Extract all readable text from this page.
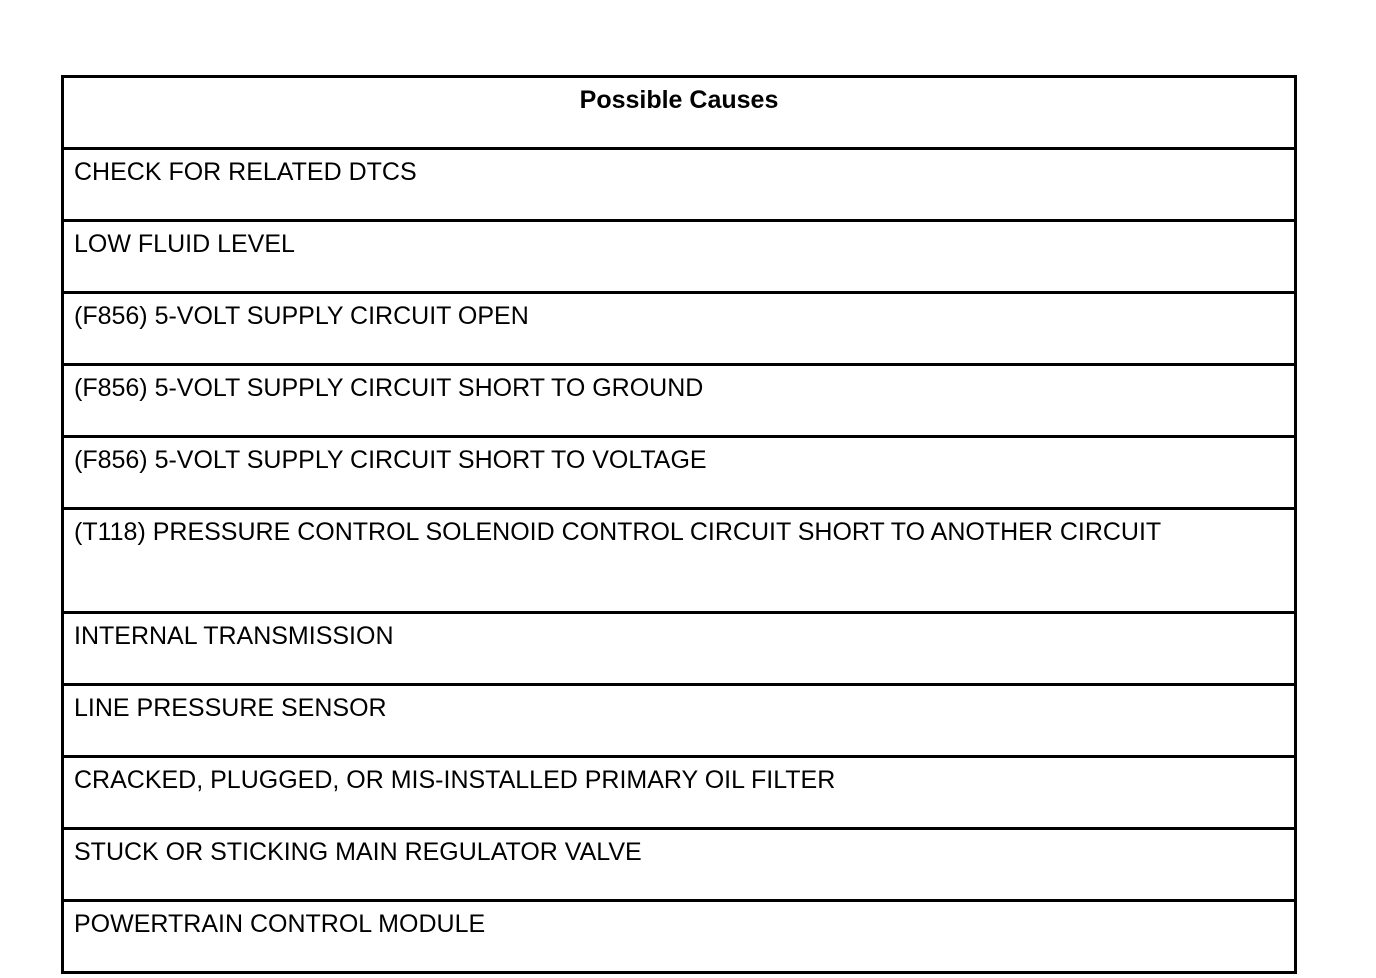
Possible Causes
CHECK FOR RELATED DTCS
LOW FLUID LEVEL
(F856) 5-VOLT SUPPLY CIRCUIT OPEN
(F856) 5-VOLT SUPPLY CIRCUIT SHORT TO GROUND
(F856) 5-VOLT SUPPLY CIRCUIT SHORT TO VOLTAGE
(T118) PRESSURE CONTROL SOLENOID CONTROL CIRCUIT SHORT TO ANOTHER CIRCUIT
INTERNAL TRANSMISSION
LINE PRESSURE SENSOR
CRACKED, PLUGGED, OR MIS-INSTALLED PRIMARY OIL FILTER
STUCK OR STICKING MAIN REGULATOR VALVE
POWERTRAIN CONTROL MODULE
